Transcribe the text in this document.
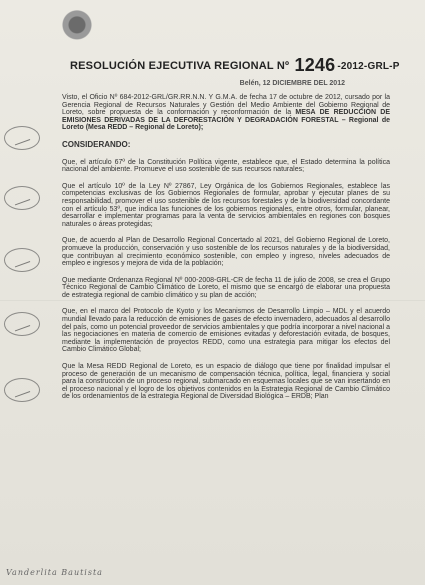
RESOLUCIÓN EJECUTIVA REGIONAL Nº 1246 -2012-GRL-P
Belén, 12 DICIEMBRE DEL 2012

Visto, el Oficio Nº 684-2012-GRL/GR.RR.N.N. Y G.M.A. de fecha 17 de octubre de 2012, cursado por la Gerencia Regional de Recursos Naturales y Gestión del Medio Ambiente del Gobierno Regional de Loreto, sobre propuesta de la conformación y reconformación de la MESA DE REDUCCIÓN DE EMISIONES DERIVADAS DE LA DEFORESTACIÓN Y DEGRADACIÓN FORESTAL – Regional de Loreto (Mesa REDD – Regional de Loreto);

CONSIDERANDO:

Que, el artículo 67º de la Constitución Política vigente, establece que, el Estado determina la política nacional del ambiente. Promueve el uso sostenible de sus recursos naturales;

Que el artículo 10º de la Ley Nº 27867, Ley Orgánica de los Gobiernos Regionales, establece las competencias exclusivas de los Gobiernos Regionales de formular, aprobar y ejecutar planes de su responsabilidad, promover el uso sostenible de los recursos forestales y de la biodiversidad concordante con el artículo 53º, que indica las funciones de los gobiernos regionales, entre otros, formular, planear, desarrollar e implementar programas para la venta de servicios ambientales en regiones con bosques naturales o áreas protegidas;

Que, de acuerdo al Plan de Desarrollo Regional Concertado al 2021, del Gobierno Regional de Loreto, promueve la producción, conservación y uso sostenible de los recursos naturales y de la biodiversidad, que contribuyan al crecimiento económico sostenible, con empleo y ingreso, niveles adecuados de empleo e ingresos y mejora de vida de la población;

Que mediante Ordenanza Regional Nº 000-2008-GRL-CR de fecha 11 de julio de 2008, se crea el Grupo Técnico Regional de Cambio Climático de Loreto, el mismo que se encargó de elaborar una propuesta de estrategia regional de cambio climático y su plan de acción;

Que, en el marco del Protocolo de Kyoto y los Mecanismos de Desarrollo Limpio – MDL y el acuerdo mundial llevado para la reducción de emisiones de gases de efecto invernadero, adecuados al desarrollo del país, como un potencial proveedor de servicios ambientales y que podría incorporar a nivel nacional a las negociaciones en materia de comercio de emisiones evitadas y deforestación evitada, de bosques, mediante la implementación de proyectos REDD, como una estrategia para mitigar los efectos del Cambio Climático Global;

Que la Mesa REDD Regional de Loreto, es un espacio de diálogo que tiene por finalidad impulsar el proceso de generación de un mecanismo de compensación técnica, política, legal, financiera y social para la construcción de un proceso regional, submarcado en esquemas locales que se van insertando en el proceso nacional y el logro de los objetivos contenidos en la Estrategia Regional de Cambio Climático de los ordenamientos de la estrategia Regional de Diversidad Biológica – ERDB; Plan

Vanderlita Bautista
